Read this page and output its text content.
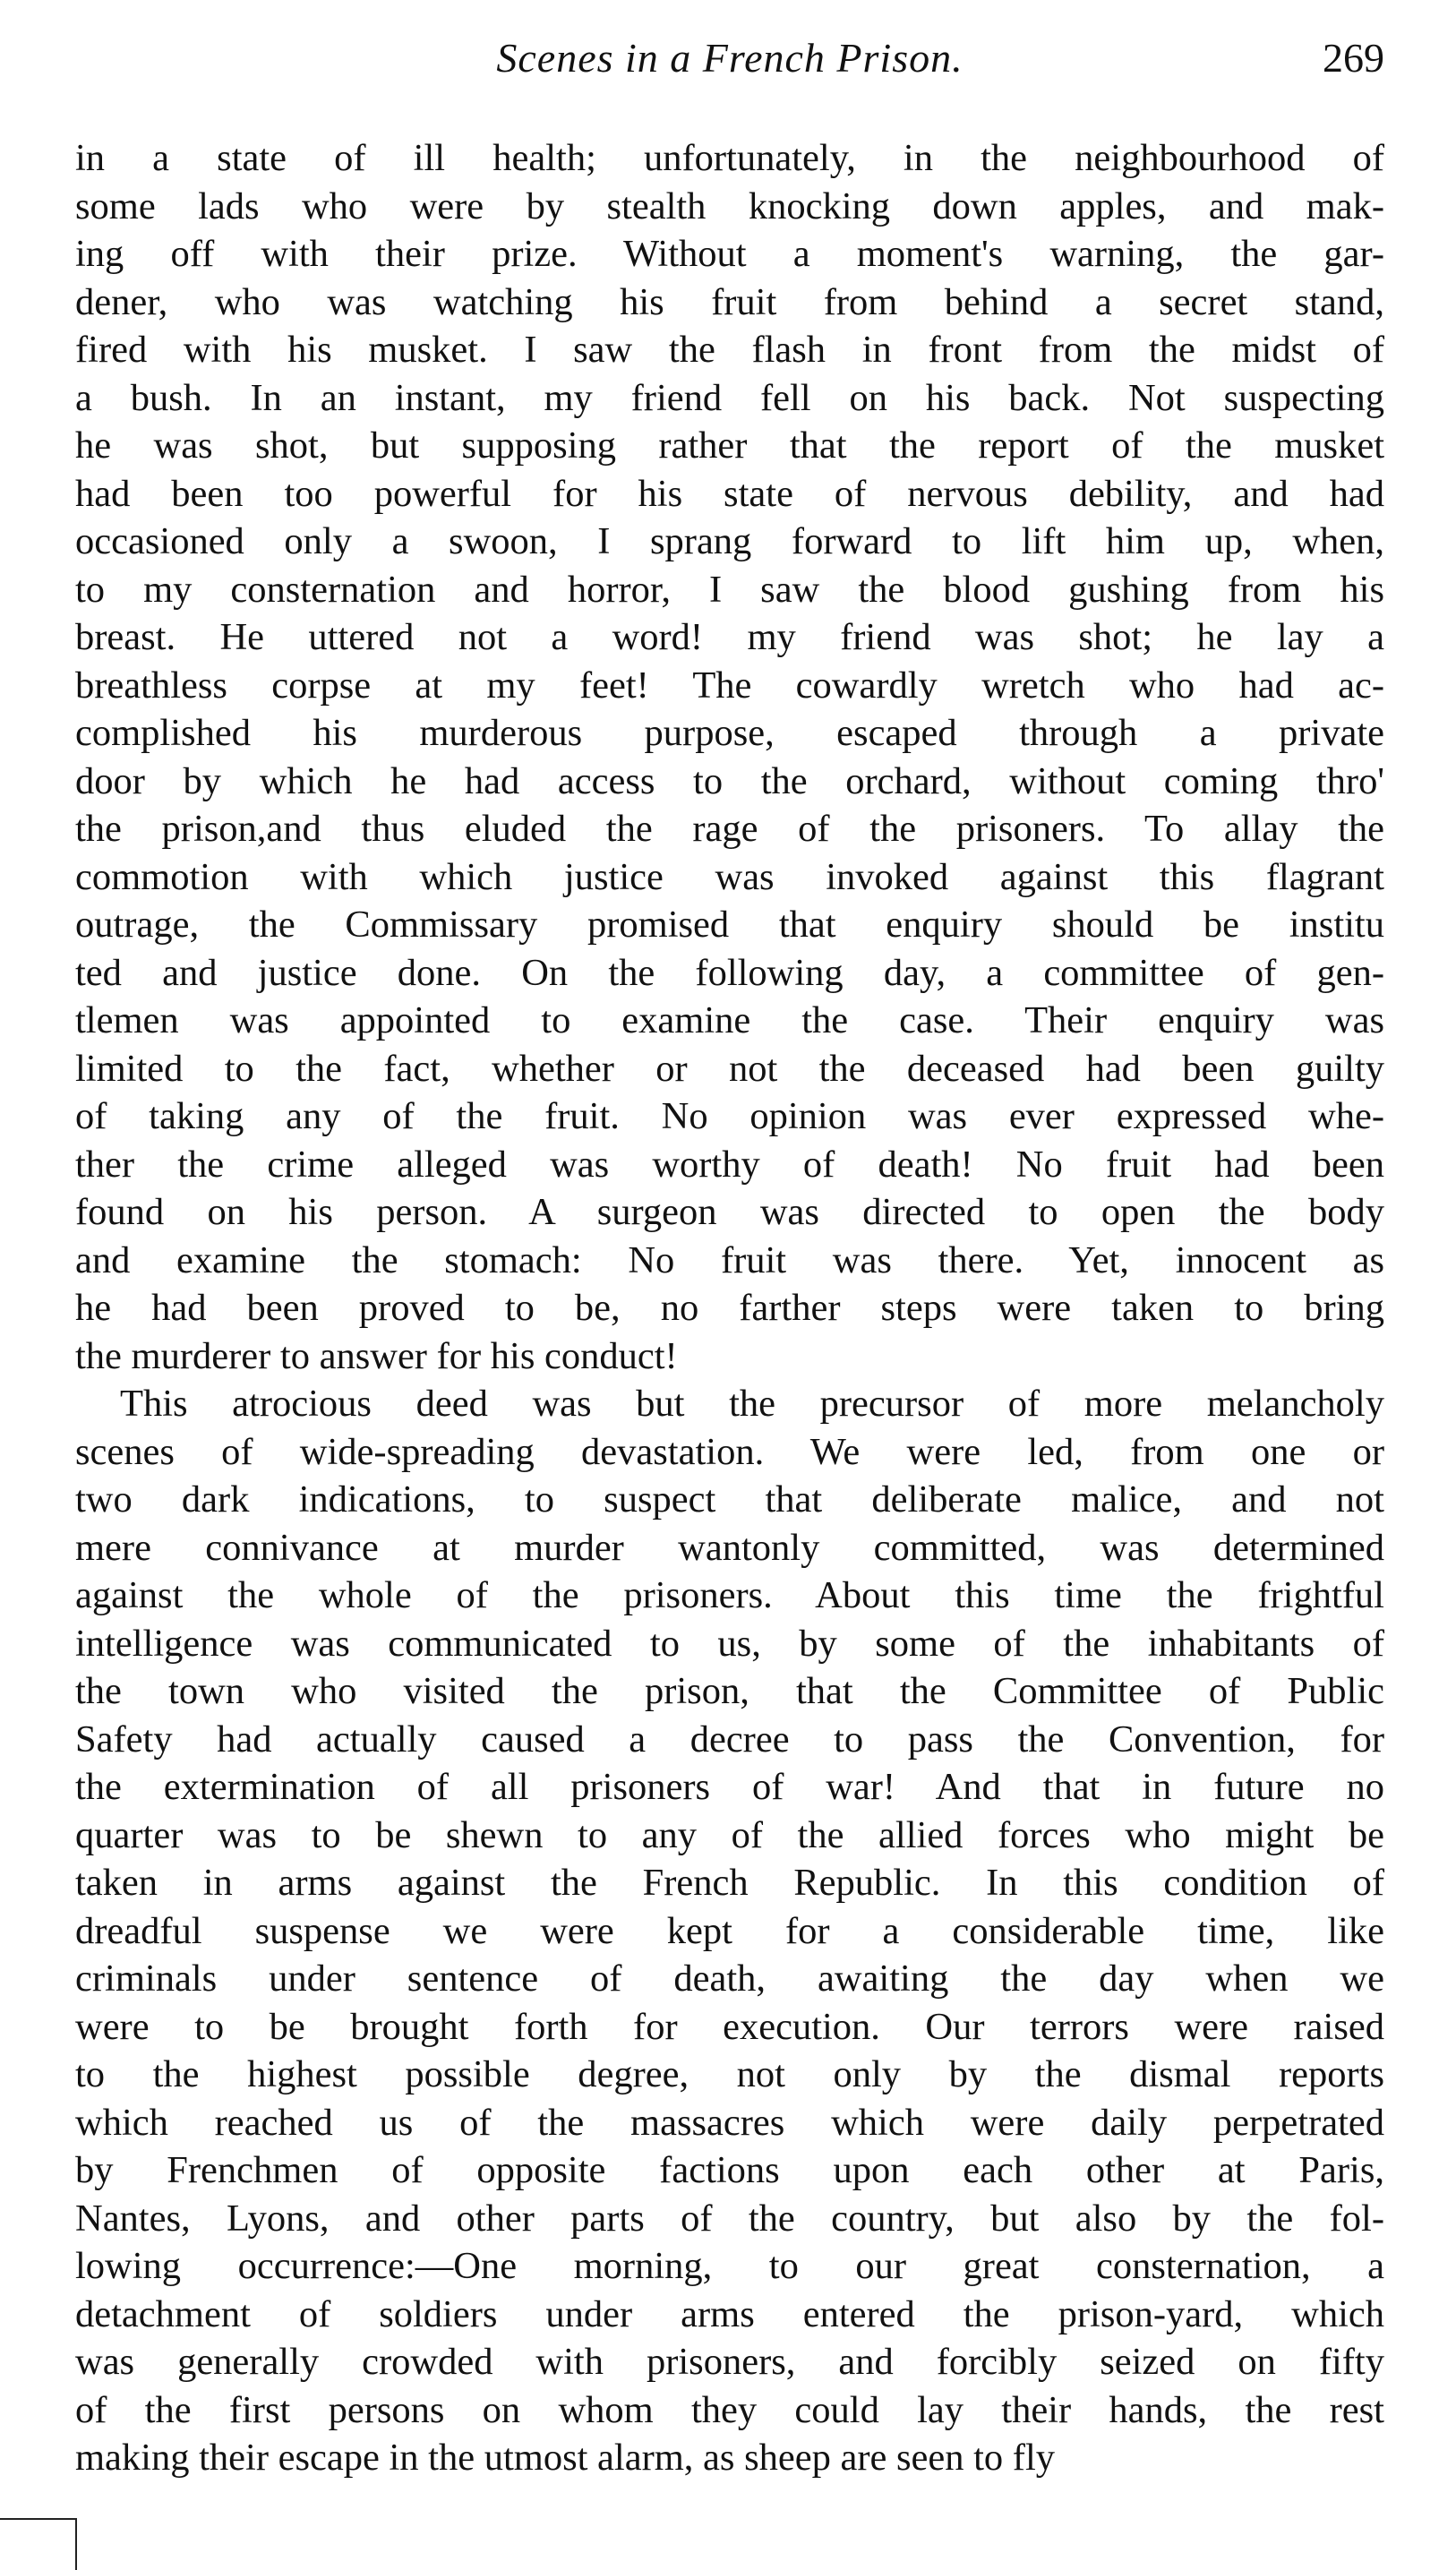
Scenes in a French Prison.	269
in a state of ill health; unfortunately, in the neighbourhood of
some lads who were by stealth knocking down apples, and mak-
ing off with their prize. Without a moment's warning, the gar-
dener, who was watching his fruit from behind a secret stand,
fired with his musket. I saw the flash in front from the midst of
a bush. In an instant, my friend fell on his back. Not suspecting
he was shot, but supposing rather that the report of the musket
had been too powerful for his state of nervous debility, and had
occasioned only a swoon, I sprang forward to lift him up, when,
to my consternation and horror, I saw the blood gushing from his
breast. He uttered not a word! my friend was shot; he lay a
breathless corpse at my feet! The cowardly wretch who had ac-
complished his murderous purpose, escaped through a private
door by which he had access to the orchard, without coming thro'
the prison,and thus eluded the rage of the prisoners. To allay the
commotion with which justice was invoked against this flagrant
outrage, the Commissary promised that enquiry should be institu
ted and justice done. On the following day, a committee of gen-
tlemen was appointed to examine the case. Their enquiry was
limited to the fact, whether or not the deceased had been guilty
of taking any of the fruit. No opinion was ever expressed whe-
ther the crime alleged was worthy of death! No fruit had been
found on his person. A surgeon was directed to open the body
and examine the stomach: No fruit was there. Yet, innocent as
he had been proved to be, no farther steps were taken to bring
the murderer to answer for his conduct!
This atrocious deed was but the precursor of more melancholy
scenes of wide-spreading devastation. We were led, from one or
two dark indications, to suspect that deliberate malice, and not
mere connivance at murder wantonly committed, was determined
against the whole of the prisoners. About this time the frightful
intelligence was communicated to us, by some of the inhabitants of
the town who visited the prison, that the Committee of Public
Safety had actually caused a decree to pass the Convention, for
the extermination of all prisoners of war! And that in future no
quarter was to be shewn to any of the allied forces who might be
taken in arms against the French Republic. In this condition of
dreadful suspense we were kept for a considerable time, like
criminals under sentence of death, awaiting the day when we
were to be brought forth for execution. Our terrors were raised
to the highest possible degree, not only by the dismal reports
which reached us of the massacres which were daily perpetrated
by Frenchmen of opposite factions upon each other at Paris,
Nantes, Lyons, and other parts of the country, but also by the fol-
lowing occurrence:—One morning, to our great consternation, a
detachment of soldiers under arms entered the prison-yard, which
was generally crowded with prisoners, and forcibly seized on fifty
of the first persons on whom they could lay their hands, the rest
making their escape in the utmost alarm, as sheep are seen to fly
